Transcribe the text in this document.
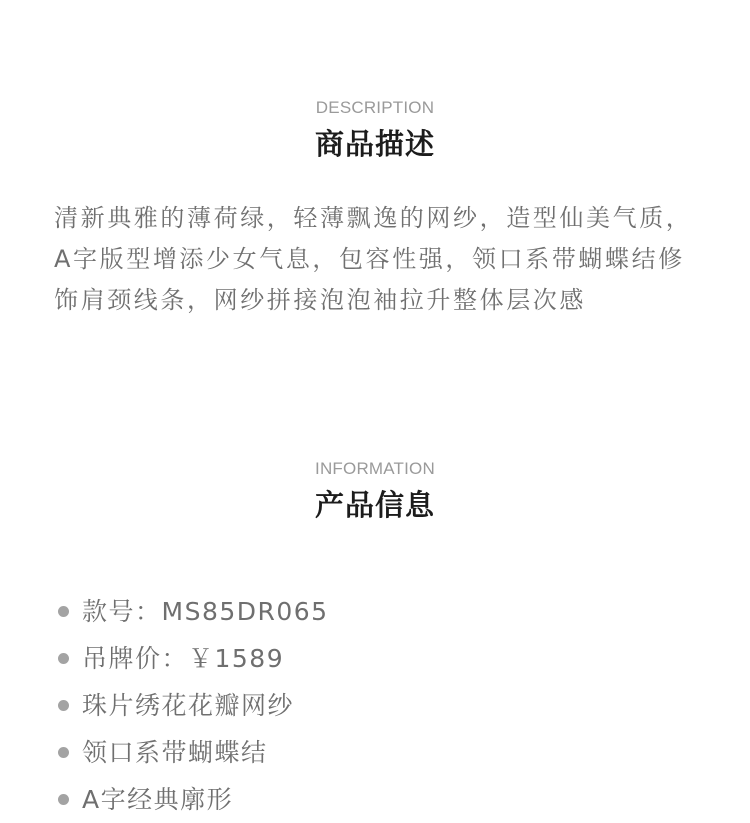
DESCRIPTION
商品描述

清新典雅的薄荷绿，轻薄飘逸的网纱，造型仙美气质，A字版型增添少女气息，包容性强，领口系带蝴蝶结修饰肩颈线条，网纱拼接泡泡袖拉升整体层次感

INFORMATION
产品信息
款号：MS85DR065
吊牌价：￥1589
珠片绣花花瓣网纱
领口系带蝴蝶结
A字经典廓形
